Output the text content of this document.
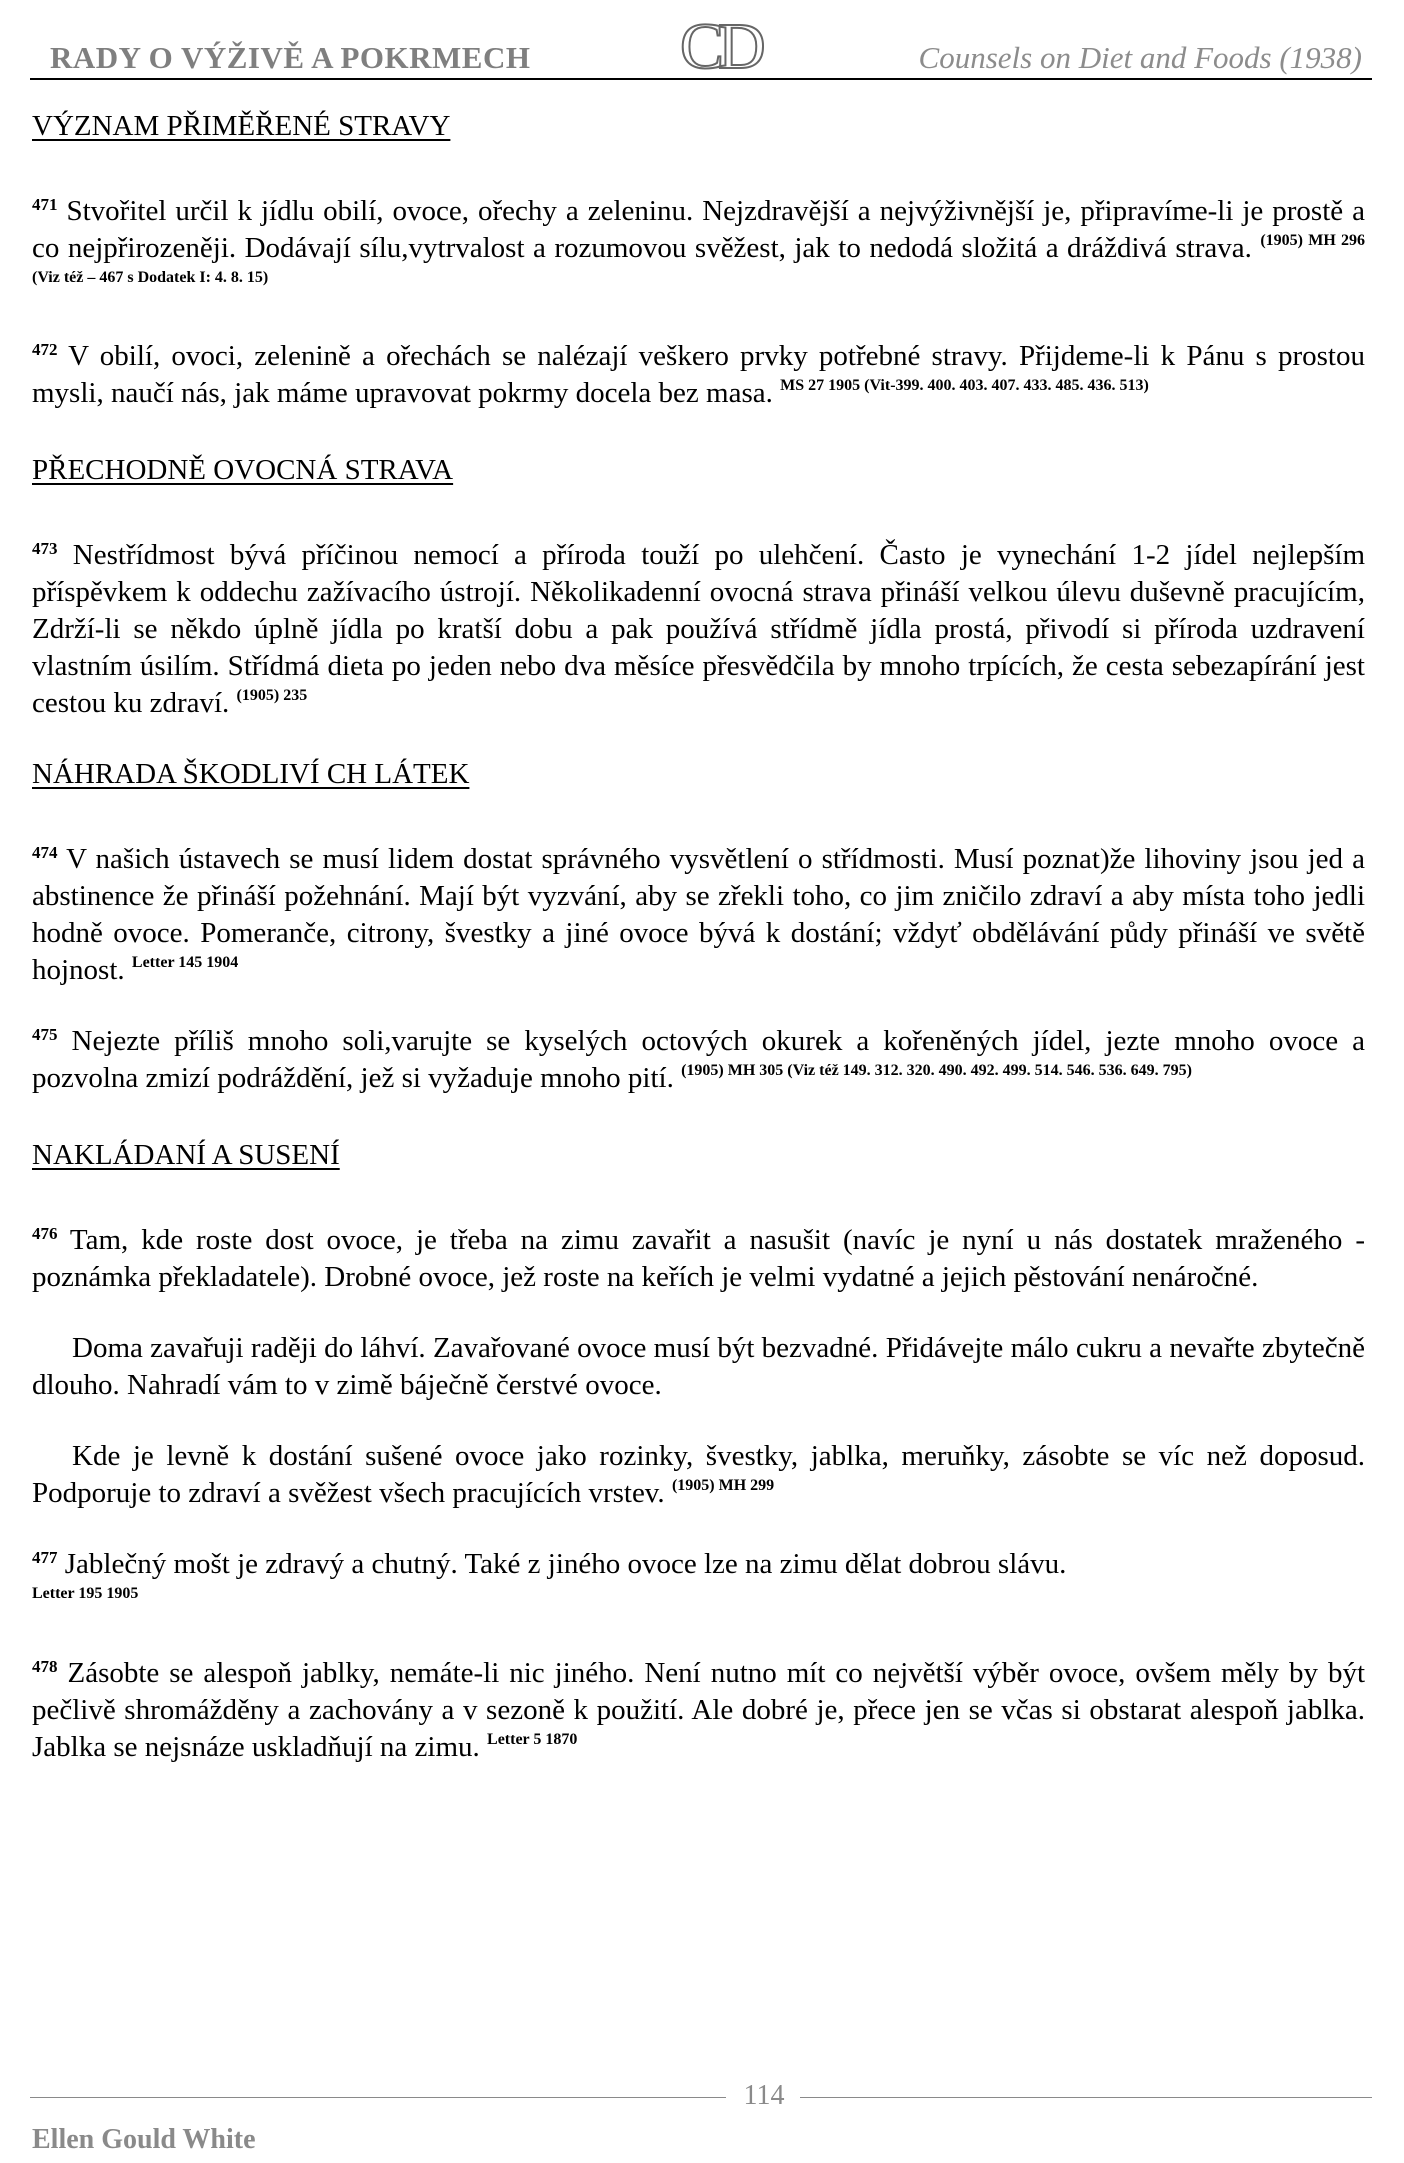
RADY O VÝŽIVĚ A POKRMECH CD	Counsels on Diet and Foods (1938)
VÝZNAM PŘIMĚŘENÉ STRAVY

$^{471}$ Stvořitel určil k jídlu obilí, ovoce, ořechy a zeleninu. Nejzdravější a nejvýživnější je, připravíme-li je prostě a co nejpřirozeněji. Dodávají sílu,vytrvalost a rozumovou svěžest, jak to nedodá složitá a dráždivá strava. $^{(1905) MH 296 (Viz též - 467 s Dodatek I: 4. 8. 15)}$

$^{472}$ V obilí, ovoci, zelenině a ořechách se nalézají veškero prvky potřebné stravy. Přijdeme-li k Pánu s prostou mysli, naučí nás, jak máme upravovat pokrmy docela bez masa. $^{MS 27 1905 (Vit-399. 400. 403. 407. 433. 485. 436. 513)}$

PŘECHODNĚ OVOCNÁ STRAVA

$^{473}$ Nestřídmost bývá příčinou nemocí a příroda touží po ulehčení. Často je vynechání 1-2 jídel nejlepším příspěvkem k oddechu zažívacího ústrojí. Několikadenní ovocná strava přináší velkou úlevu duševně pracujícím, Zdrží-li se někdo úplně jídla po kratší dobu a pak používá střídmě jídla prostá, přivodí si příroda uzdravení vlastním úsilím. Střídmá dieta po jeden nebo dva měsíce přesvědčila by mnoho trpících, že cesta sebezapírání jest cestou ku zdraví. $^{(1905) 235}$

NÁHRADA ŠKODLIVÍ CH LÁTEK

$^{474}$ V našich ústavech se musí lidem dostat správného vysvětlení o střídmosti. Musí poznat)že lihoviny jsou jed a abstinence že přináší požehnání. Mají být vyzvání, aby se zřekli toho, co jim zničilo zdraví a aby místa toho jedli hodně ovoce. Pomeranče, citrony, švestky a jiné ovoce bývá k dostání; vždyť obdělávání půdy přináší ve světě hojnost. $^{Letter 145 1904}$

$^{475}$ Nejezte příliš mnoho soli,varujte se kyselých octových okurek a kořeněných jídel, jezte mnoho ovoce a pozvolna zmizí podráždění, jež si vyžaduje mnoho pití. $^{(1905) MH 305 (Viz též 149. 312. 320. 490. 492. 499. 514. 546. 536. 649. 795)}$

NAKLÁDANÍ A SUSENÍ

$^{476}$ Tam, kde roste dost ovoce, je třeba na zimu zavařit a nasušit (navíc je nyní u nás dostatek mraženého - poznámka překladatele). Drobné ovoce, jež roste na keřích je velmi vydatné a jejich pěstování nenáročné.

Doma zavařuji raději do láhví. Zavařované ovoce musí být bezvadné. Přidávejte málo cukru a nevařte zbytečně dlouho. Nahradí vám to v zimě báječně čerstvé ovoce.

Kde je levně k dostání sušené ovoce jako rozinky, švestky, jablka, meruňky, zásobte se víc než doposud. Podporuje to zdraví a svěžest všech pracujících vrstev. $^{(1905) MH 299}$

$^{477}$ Jablečný mošt je zdravý a chutný. Také z jiného ovoce lze na zimu dělat dobrou slávu.
Letter 195 1905

$^{478}$ Zásobte se alespoň jablky, nemáte-li nic jiného. Není nutno mít co největší výběr ovoce, ovšem měly by být pečlivě shromážděny a zachovány a v sezoně k použití. Ale dobré je, přece jen se včas si obstarat alespoň jablka. Jablka se nejsnáze uskladňují na zimu. $^{Letter 5 1870}$

114
Ellen Gould White
